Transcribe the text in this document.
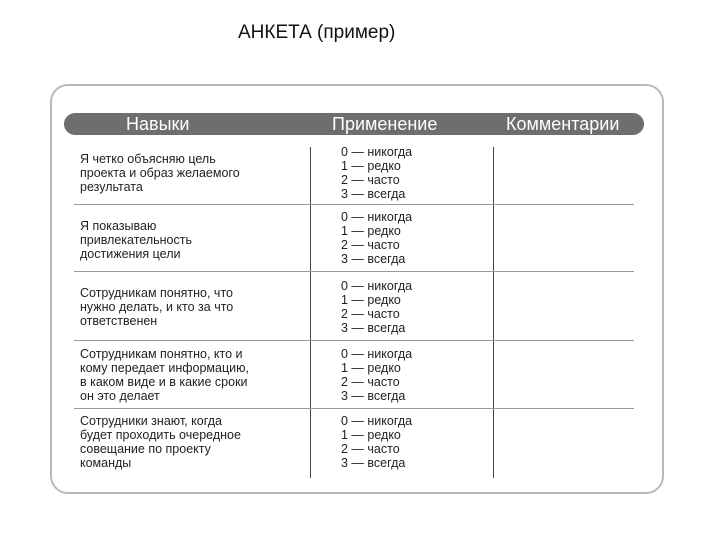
АНКЕТА (пример)
Навыки	Применение	Комментарии
Я четко объясняю цель
проекта и образ желаемого
результата
0 — никогда
1 — редко
2 — часто
3 — всегда
Я показываю
привлекательность
достижения цели
0 — никогда
1 — редко
2 — часто
3 — всегда
Сотрудникам понятно, что
нужно делать, и кто за что
ответственен
0 — никогда
1 — редко
2 — часто
3 — всегда
Сотрудникам понятно, кто и
кому передает информацию,
в каком виде и в какие сроки
он это делает
0 — никогда
1 — редко
2 — часто
3 — всегда
Сотрудники знают, когда
будет проходить очередное
совещание по проекту
команды
0 — никогда
1 — редко
2 — часто
3 — всегда
